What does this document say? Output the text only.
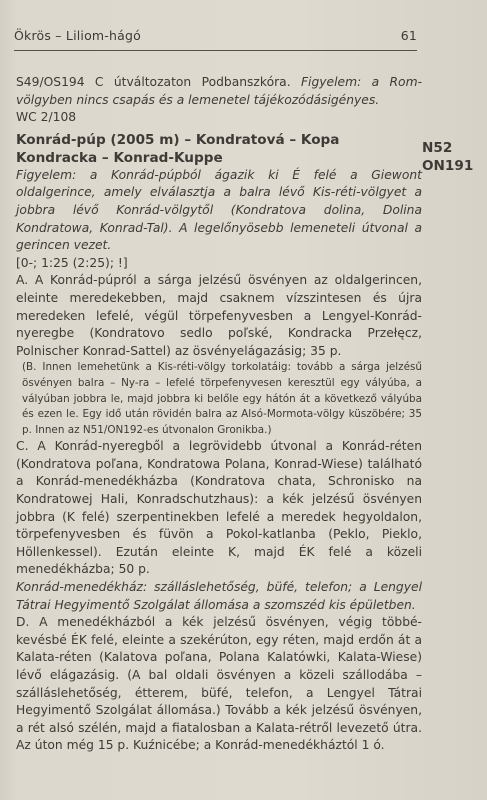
Ökrös – Liliom-hágó	61
N52
ON191

S49/OS194 C útváltozaton Podbanszkóra. Figyelem: a Rom-völgyben nincs csapás és a lemenetel tájékozódásigényes.

WC 2/108

Konrád-púp (2005 m) – Kondratová – Kopa Kondracka – Konrad-Kuppe

Figyelem: a Konrád-púpból ágazik ki É felé a Giewont oldalgerince, amely elválasztja a balra lévő Kis-réti-völgyet a jobbra lévő Konrád-völgytől (Kondratova dolina, Dolina Kondratowa, Konrad-Tal). A legelőnyösebb lemeneteli útvonal a gerincen vezet.

[0-; 1:25 (2:25); !]

A. A Konrád-púpról a sárga jelzésű ösvényen az oldalgerincen, eleinte meredekebben, majd csaknem vízszintesen és újra meredeken lefelé, végül törpefenyvesben a Lengyel-Konrád-nyeregbe (Kondratovo sedlo poľské, Kondracka Przełęcz, Polnischer Konrad-Sattel) az ösvényelágazásig; 35 p.

(B. Innen lemehetünk a Kis-réti-völgy torkolatáig: tovább a sárga jelzésű ösvényen balra – Ny-ra – lefelé törpefenyvesen keresztül egy vályúba, a vályúban jobbra le, majd jobbra ki belőle egy hátón át a következő vályúba és ezen le. Egy idő után rövidén balra az Alsó-Mormota-völgy küszöbére; 35 p. Innen az N51/ON192-es útvonalon Gronikba.)

C. A Konrád-nyeregből a legrövidebb útvonal a Konrád-réten (Kondratova poľana, Kondratowa Polana, Konrad-Wiese) található a Konrád-menedékházba (Kondratova chata, Schronisko na Kondratowej Hali, Konradschutzhaus): a kék jelzésű ösvényen jobbra (K felé) szerpentinekben lefelé a meredek hegyoldalon, törpefenyvesben és füvön a Pokol-katlanba (Peklo, Pieklo, Höllenkessel). Ezután eleinte K, majd ÉK felé a közeli menedékházba; 50 p.

Konrád-menedékház: szálláslehetőség, büfé, telefon; a Lengyel Tátrai Hegyimentő Szolgálat állomása a szomszéd kis épületben.

D. A menedékházból a kék jelzésű ösvényen, végig többé-kevésbé ÉK felé, eleinte a szekérúton, egy réten, majd erdőn át a Kalata-réten (Kalatova poľana, Polana Kalatówki, Kalata-Wiese) lévő elágazásig. (A bal oldali ösvényen a közeli szállodába – szálláslehetőség, étterem, büfé, telefon, a Lengyel Tátrai Hegyimentő Szolgálat állomása.) Tovább a kék jelzésű ösvényen, a rét alsó szélén, majd a fiatalosban a Kalata-rétről levezető útra. Az úton még 15 p. Kuźnicébe; a Konrád-menedékháztól 1 ó.
